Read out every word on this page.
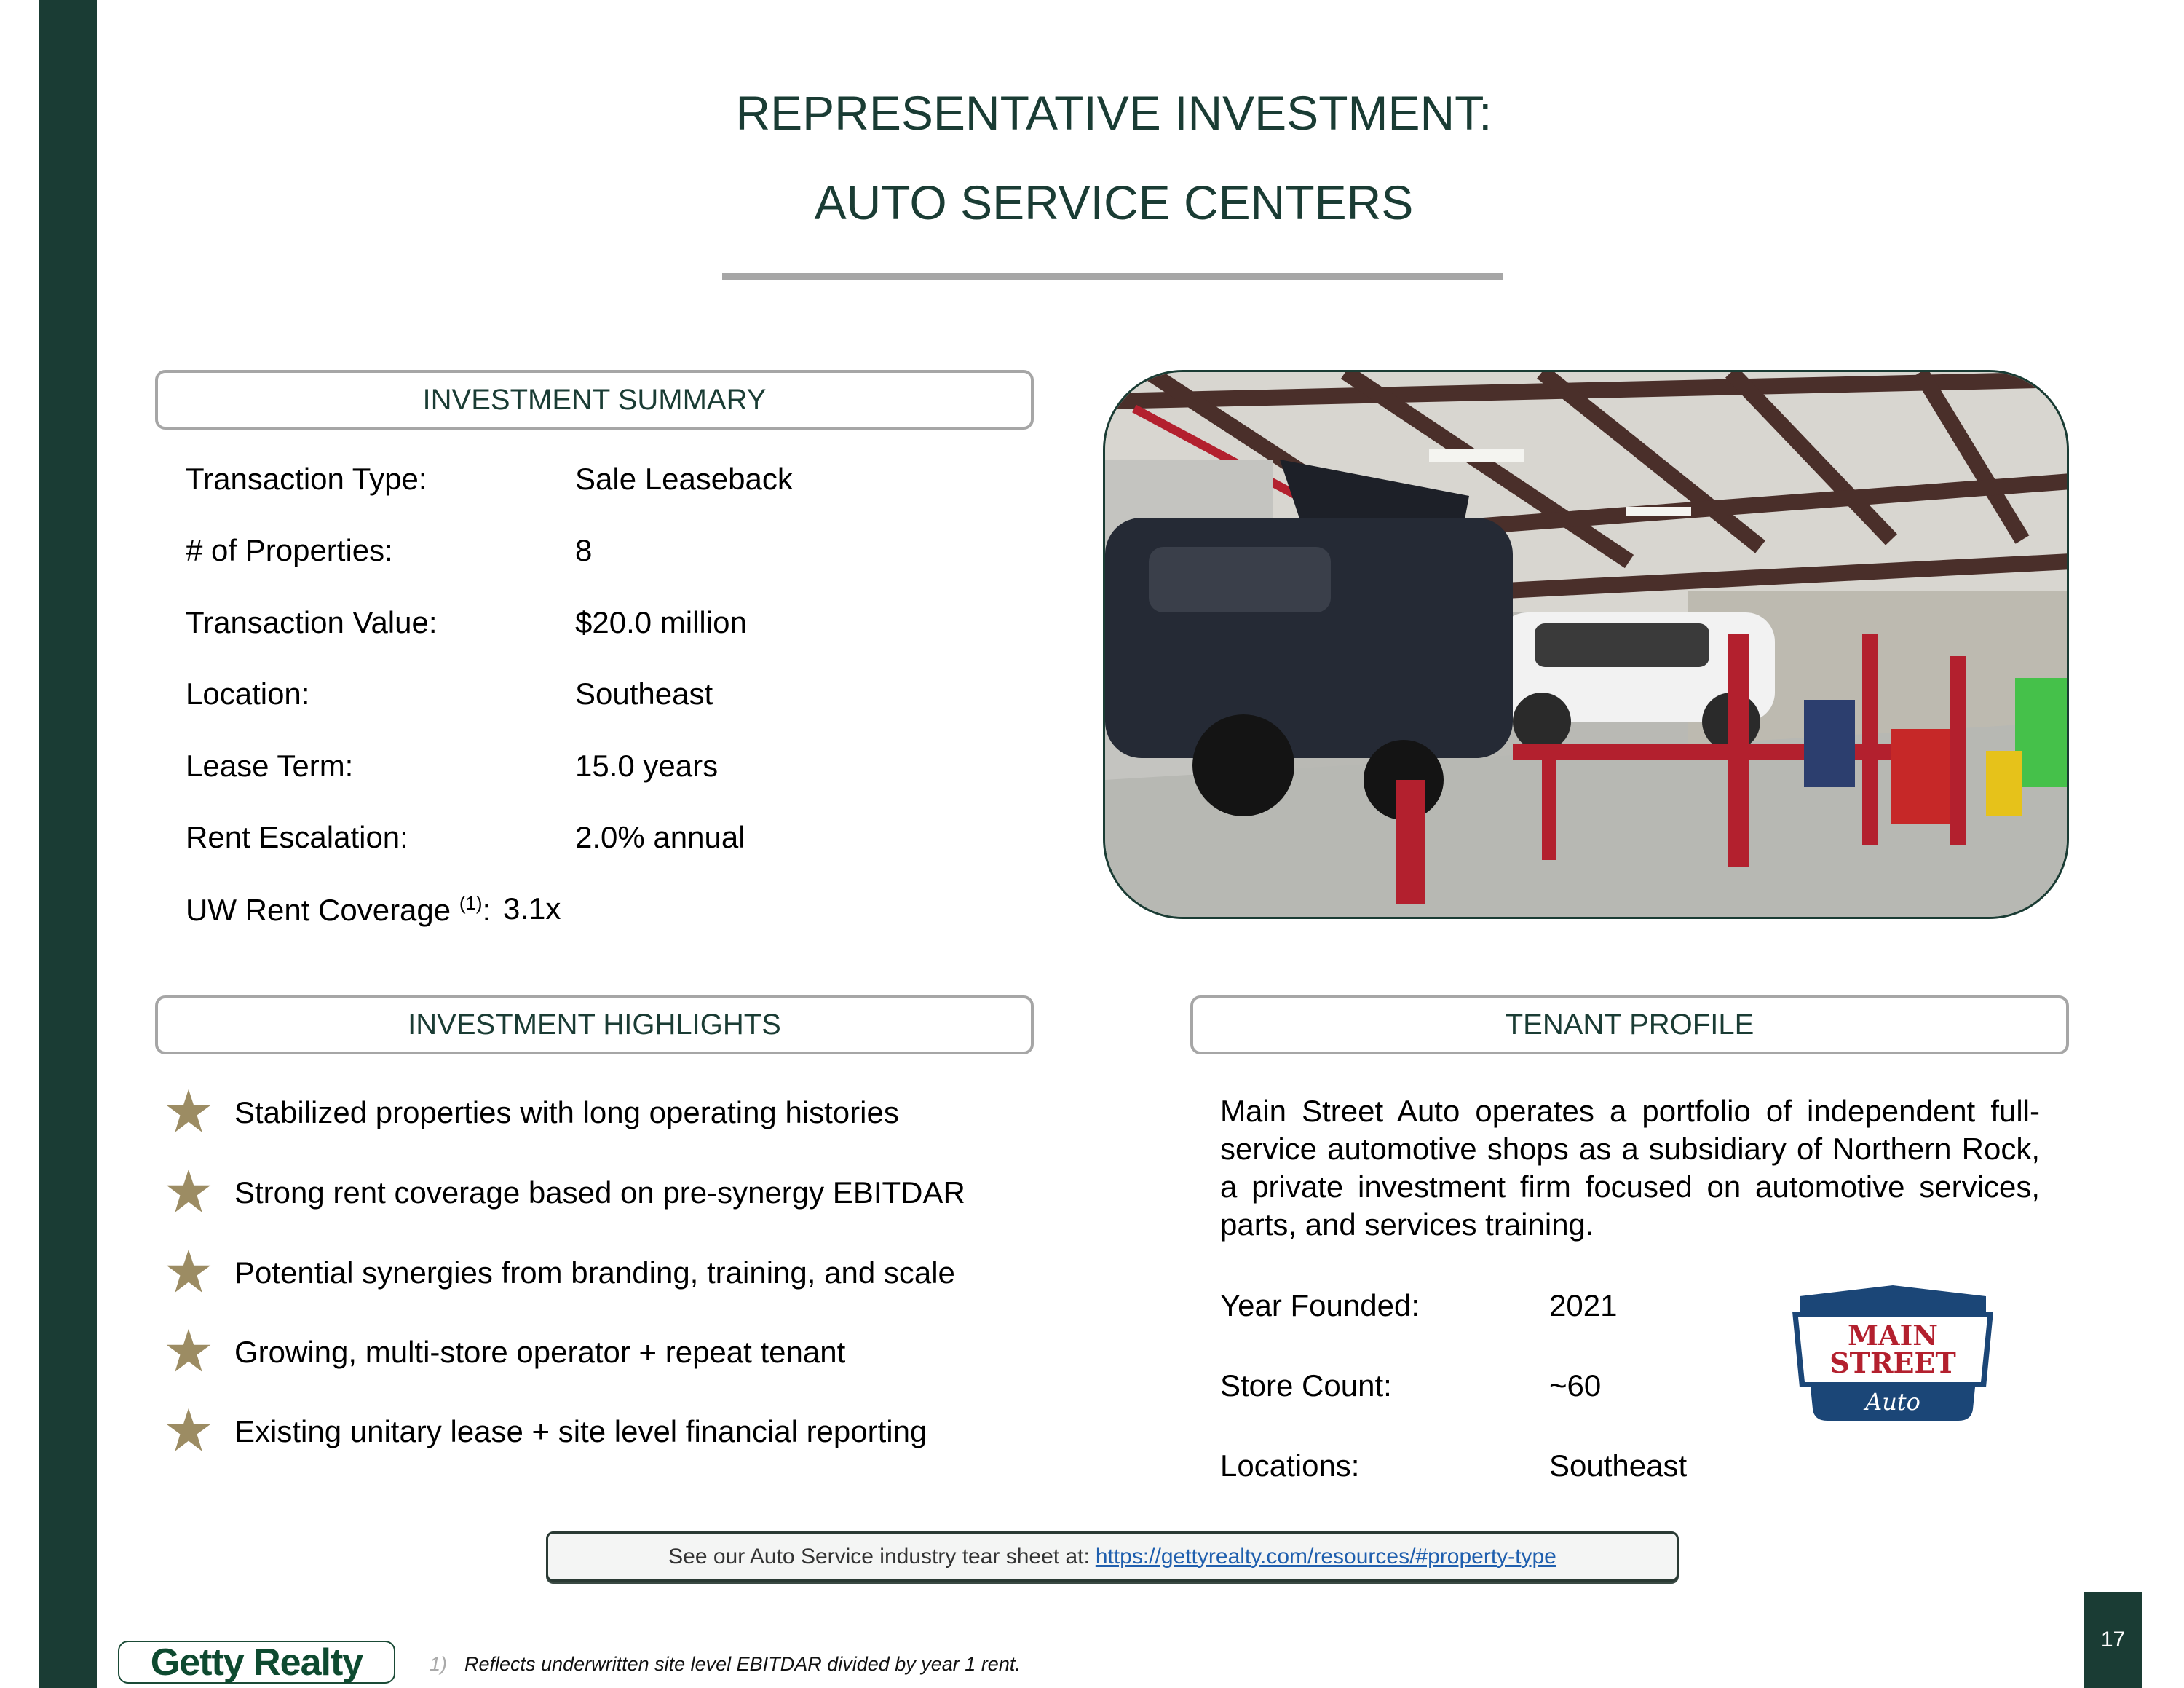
REPRESENTATIVE INVESTMENT:
AUTO SERVICE CENTERS
INVESTMENT SUMMARY
Transaction Type:	Sale Leaseback
# of Properties:	8
Transaction Value:	$20.0 million
Location:	Southeast
Lease Term:	15.0 years
Rent Escalation:	2.0% annual
UW Rent Coverage $^{(1)}$: 3.1x
INVESTMENT HIGHLIGHTS
Stabilized properties with long operating histories
Strong rent coverage based on pre-synergy EBITDAR
Potential synergies from branding, training, and scale
Growing, multi-store operator + repeat tenant
Existing unitary lease + site level financial reporting
TENANT PROFILE
Main Street Auto operates a portfolio of independent full-service automotive shops as a subsidiary of Northern Rock, a private investment firm focused on automotive services, parts, and services training.
Year Founded:	2021
Store Count:	~60
Locations:	Southeast
MAIN
STREET
Auto
See our Auto Service industry tear sheet at: https://gettyrealty.com/resources/#property-type
Getty Realty	1) Reflects underwritten site level EBITDAR divided by year 1 rent.
17
